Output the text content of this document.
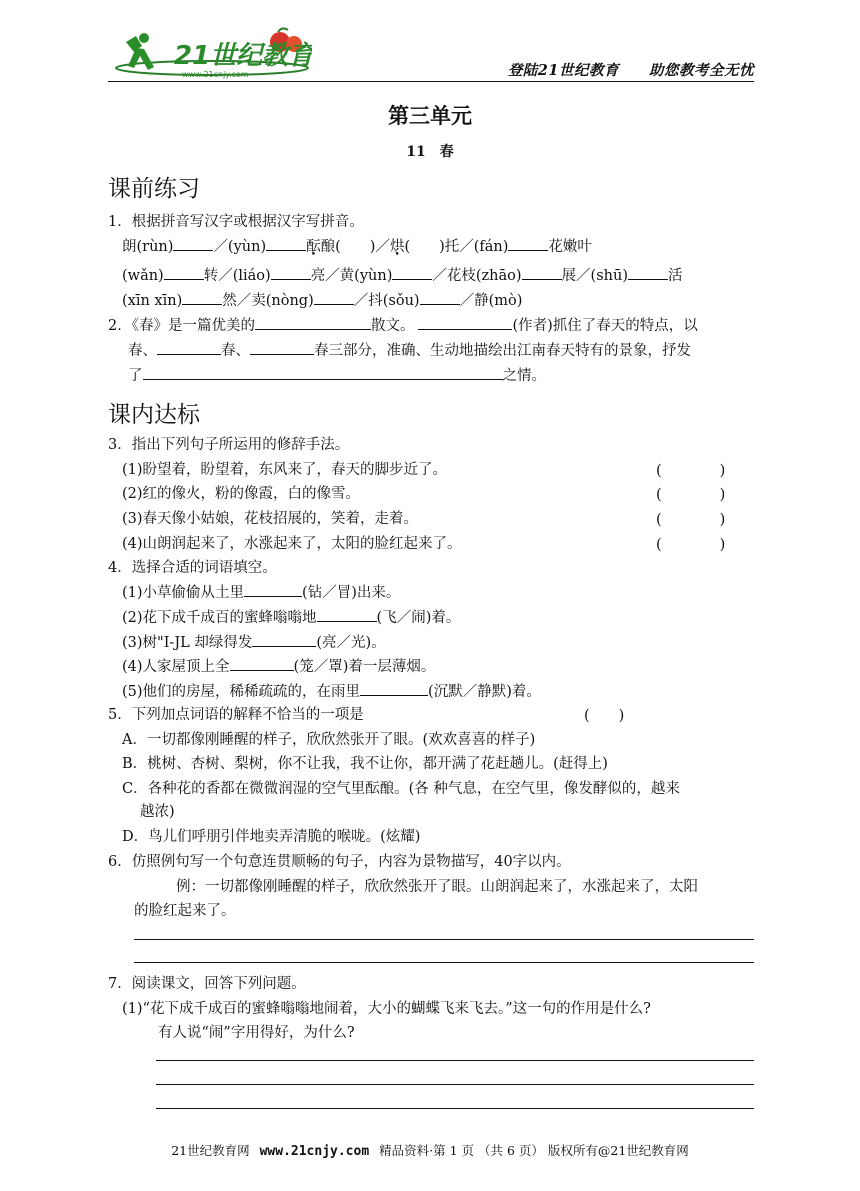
21世纪教育
www.21cnjy.com	登陆21世纪教育 助您教考全无忧
第三单元
11　春
课前练习
1．根据拼音写汉字或根据汉字写拼音。
朗(rùn)	／(yùn)	酝酿(　　)／烘(　　)托／(fán)	花嫩叶
(wǎn)	转／(liáo)	亮／黄(yùn)	／花枝(zhāo)	展／(shū)	活
(xīn xīn)	然／卖(nòng)	／抖(sǒu)	／静(mò)
2．《春》是一篇优美的	散文。	(作者)抓住了春天的特点，以
春、	春、	春三部分，准确、生动地描绘出江南春天特有的景象，抒发
了	之情。
课内达标
3．指出下列句子所运用的修辞手法。
(1)盼望着，盼望着，东风来了，春天的脚步近了。
(2)红的像火，粉的像霞，白的像雪。
(3)春天像小姑娘，花枝招展的，笑着，走着。
(4)山朗润起来了，水涨起来了，太阳的脸红起来了。
(　　　　)
(　　　　)
(　　　　)
(　　　　)
4．选择合适的词语填空。
(1)小草偷偷从土里	(钻／冒)出来。
(2)花下成千成百的蜜蜂嗡嗡地	(飞／闹)着。
(3)树"I-JL 却绿得发	(亮／光)。
(4)人家屋顶上全	(笼／罩)着一层薄烟。
(5)他们的房屋，稀稀疏疏的，在雨里	(沉默／静默)着。
5．下列加点词语的解释不恰当的一项是	(　　)
A．一切都像刚睡醒的样子，欣欣然张开了眼。(欢欢喜喜的样子)
B．桃树、杏树、梨树，你不让我，我不让你，都开满了花赶趟儿。(赶得上)
C．各种花的香都在微微润湿的空气里酝酿。(各 种气息，在空气里，像发酵似的，越来
越浓)
D．鸟儿们呼朋引伴地卖弄清脆的喉咙。(炫耀)
6．仿照例句写一个句意连贯顺畅的句子，内容为景物描写，40字以内。
例：一切都像刚睡醒的样子，欣欣然张开了眼。山朗润起来了，水涨起来了，太阳
的脸红起来了。
7．阅读课文，回答下列问题。
(1)“花下成千成百的蜜蜂嗡嗡地闹着，大小的蝴蝶飞来飞去。”这一句的作用是什么?
有人说“闹”字用得好，为什么?
21世纪教育网 www.21cnjy.com 精品资料·第 1 页 （共 6 页） 版权所有@21世纪教育网
